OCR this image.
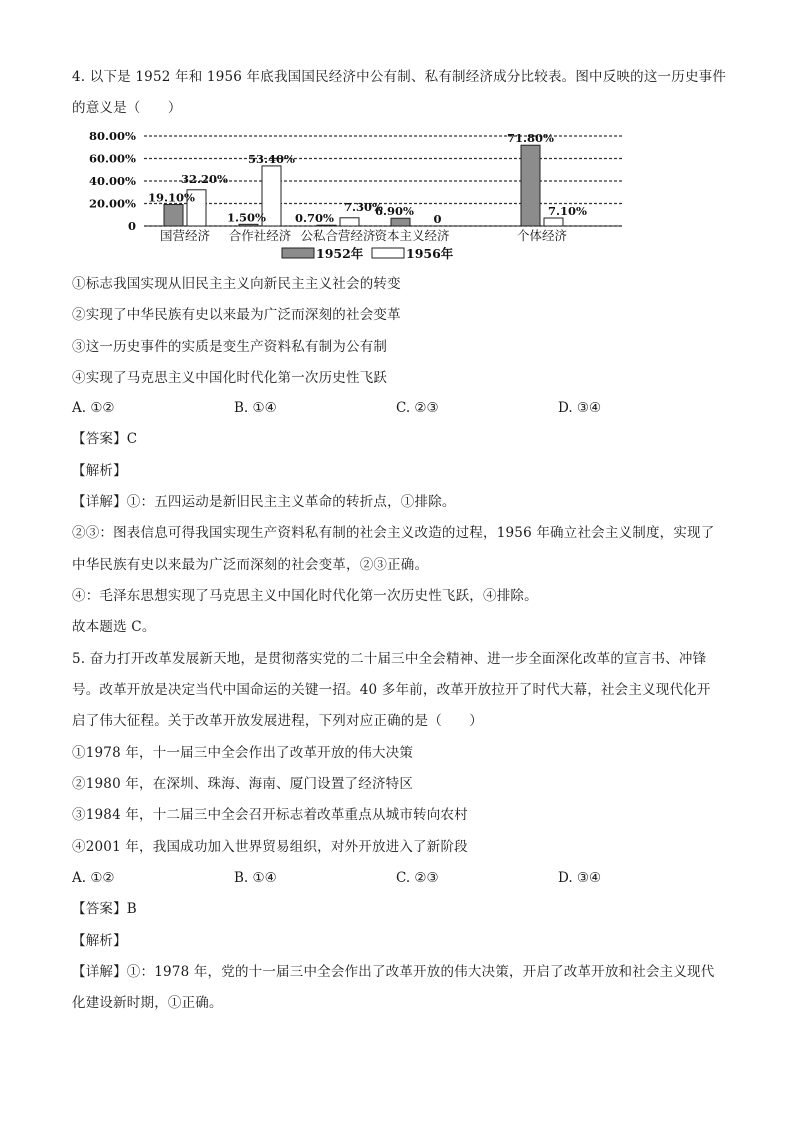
4. 以下是 1952 年和 1956 年底我国国民经济中公有制、私有制经济成分比较表。图中反映的这一历史事件
的意义是（　　）
80.00%
60.00%
40.00%
20.00%
0
19.10%
1.50%	0.70%	6.90%
71.80%
32.20%
53.40%
7.30%
0
7.10%
国营经济 合作社经济 公私合营经济
资本主义经济	个体经济
1952年	1956年
①标志我国实现从旧民主主义向新民主主义社会的转变
②实现了中华民族有史以来最为广泛而深刻的社会变革
③这一历史事件的实质是变生产资料私有制为公有制
④实现了马克思主义中国化时代化第一次历史性飞跃
A. ①②	B. ①④	C. ②③	D. ③④
【答案】C
【解析】
【详解】①：五四运动是新旧民主主义革命的转折点，①排除。
②③：图表信息可得我国实现生产资料私有制的社会主义改造的过程，1956 年确立社会主义制度，实现了
中华民族有史以来最为广泛而深刻的社会变革，②③正确。
④：毛泽东思想实现了马克思主义中国化时代化第一次历史性飞跃，④排除。
故本题选 C。
5. 奋力打开改革发展新天地，是贯彻落实党的二十届三中全会精神、进一步全面深化改革的宣言书、冲锋
号。改革开放是决定当代中国命运的关键一招。40 多年前，改革开放拉开了时代大幕，社会主义现代化开
启了伟大征程。关于改革开放发展进程，下列对应正确的是（　　）
①1978 年，十一届三中全会作出了改革开放的伟大决策
②1980 年，在深圳、珠海、海南、厦门设置了经济特区
③1984 年，十二届三中全会召开标志着改革重点从城市转向农村
④2001 年，我国成功加入世界贸易组织，对外开放进入了新阶段
A. ①②	B. ①④	C. ②③	D. ③④
【答案】B
【解析】
【详解】①：1978 年，党的十一届三中全会作出了改革开放的伟大决策，开启了改革开放和社会主义现代
化建设新时期，①正确。
